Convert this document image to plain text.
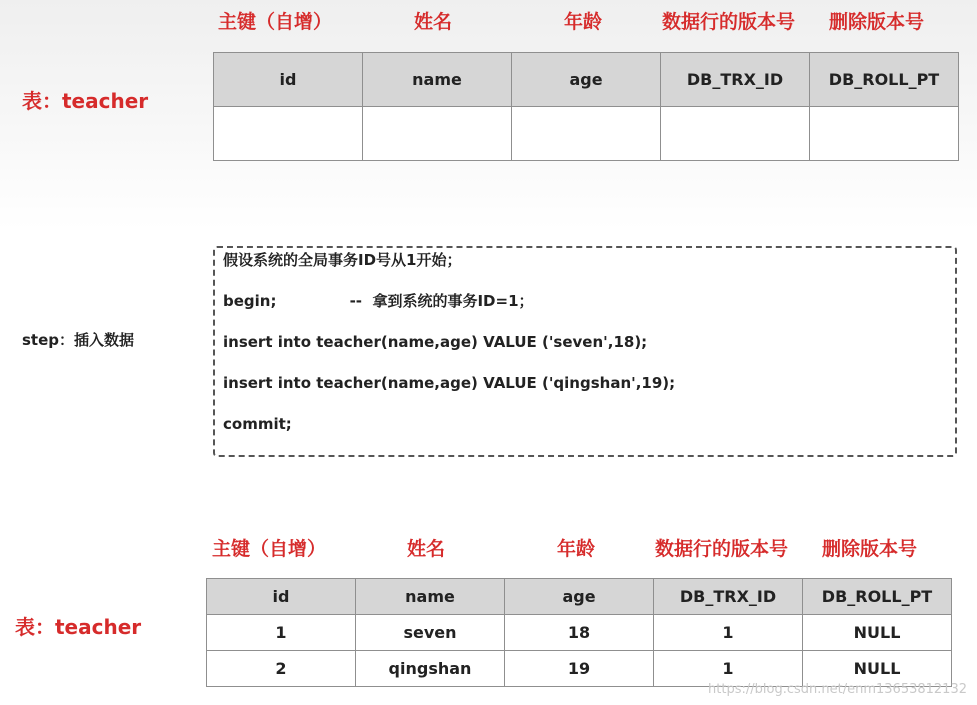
主键（自增）	姓名	年龄	数据行的版本号 删除版本号
表：teacher
id	name	age	DB_TRX_ID	DB_ROLL_PT

step：插入数据
假设系统的全局事务ID号从1开始；
begin;              --  拿到系统的事务ID=1；
insert into teacher(name,age) VALUE ('seven',18);
insert into teacher(name,age) VALUE ('qingshan',19);
commit;
主键（自增）	姓名	年龄	数据行的版本号 删除版本号
表：teacher
id	name	age	DB_TRX_ID	DB_ROLL_PT
1	seven	18	1	NULL
2	qingshan	19	1	NULL
https://blog.csdn.net/enm13653812132
